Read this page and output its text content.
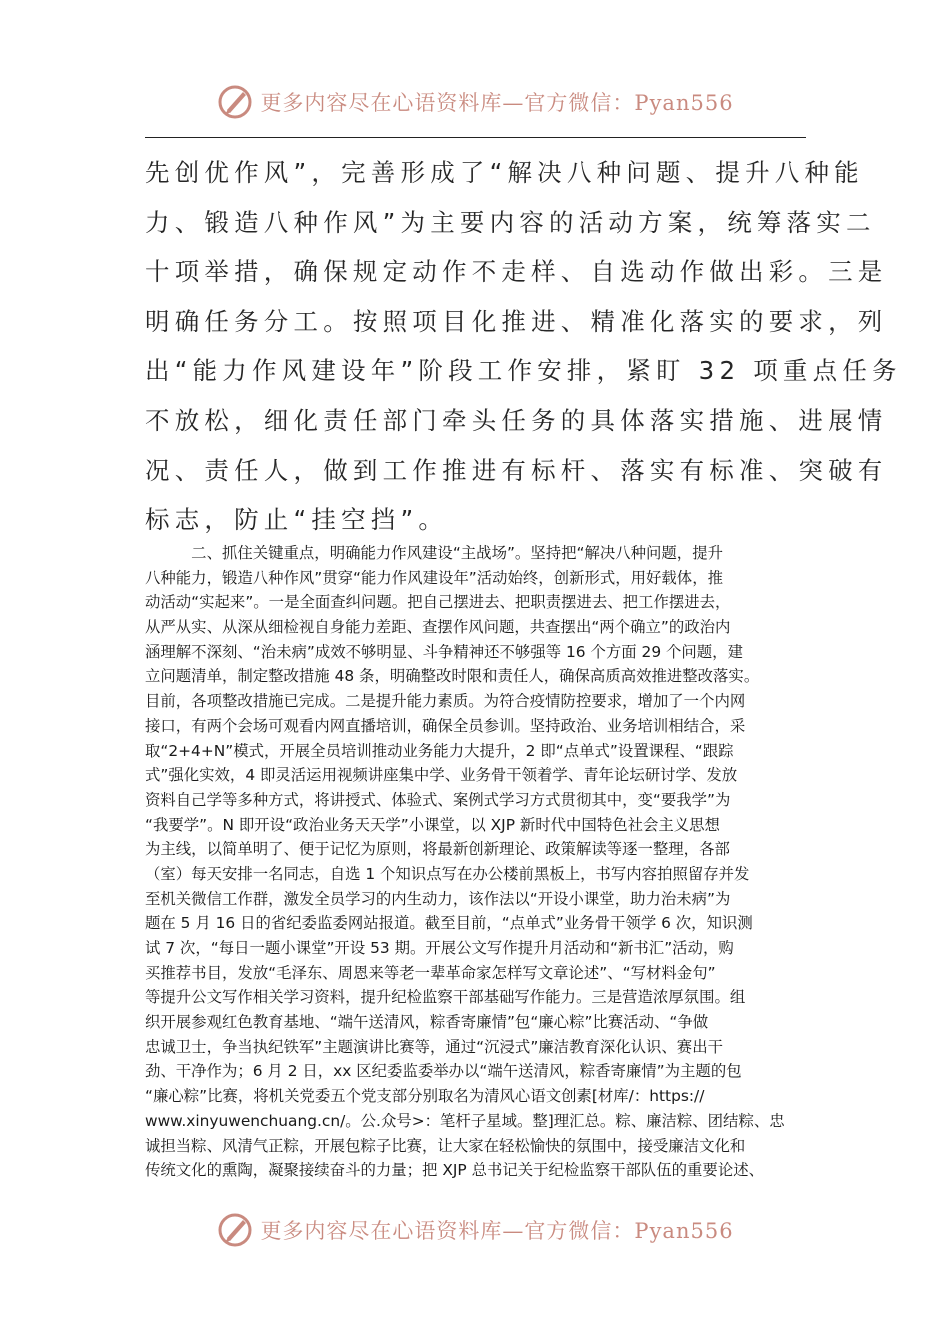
更多内容尽在心语资料库—官方微信：Pyan556
先创优作风”，完善形成了“解决八种问题、提升八种能
力、锻造八种作风”为主要内容的活动方案，统筹落实二
十项举措，确保规定动作不走样、自选动作做出彩。三是
明确任务分工。按照项目化推进、精准化落实的要求，列
出“能力作风建设年”阶段工作安排，紧盯 32 项重点任务
不放松，细化责任部门牵头任务的具体落实措施、进展情
况、责任人，做到工作推进有标杆、落实有标准、突破有
标志，防止“挂空挡”。
　　　二、抓住关键重点，明确能力作风建设“主战场”。坚持把“解决八种问题，提升
八种能力，锻造八种作风”贯穿“能力作风建设年”活动始终，创新形式，用好载体，推
动活动“实起来”。一是全面查纠问题。把自己摆进去、把职责摆进去、把工作摆进去，
从严从实、从深从细检视自身能力差距、查摆作风问题，共查摆出“两个确立”的政治内
涵理解不深刻、“治未病”成效不够明显、斗争精神还不够强等 16 个方面 29 个问题，建
立问题清单，制定整改措施 48 条，明确整改时限和责任人，确保高质高效推进整改落实。
目前，各项整改措施已完成。二是提升能力素质。为符合疫情防控要求，增加了一个内网
接口，有两个会场可观看内网直播培训，确保全员参训。坚持政治、业务培训相结合，采
取“2+4+N”模式，开展全员培训推动业务能力大提升，2 即“点单式”设置课程、“跟踪
式”强化实效，4 即灵活运用视频讲座集中学、业务骨干领着学、青年论坛研讨学、发放
资料自己学等多种方式，将讲授式、体验式、案例式学习方式贯彻其中，变“要我学”为
“我要学”。N 即开设“政治业务天天学”小课堂，以 XJP 新时代中国特色社会主义思想
为主线，以简单明了、便于记忆为原则，将最新创新理论、政策解读等逐一整理，各部
（室）每天安排一名同志，自选 1 个知识点写在办公楼前黑板上，书写内容拍照留存并发
至机关微信工作群，激发全员学习的内生动力，该作法以“开设小课堂，助力治未病”为
题在 5 月 16 日的省纪委监委网站报道。截至目前，“点单式”业务骨干领学 6 次，知识测
试 7 次，“每日一题小课堂”开设 53 期。开展公文写作提升月活动和“新书汇”活动，购
买推荐书目，发放“毛泽东、周恩来等老一辈革命家怎样写文章论述”、“写材料金句”
等提升公文写作相关学习资料，提升纪检监察干部基础写作能力。三是营造浓厚氛围。组
织开展参观红色教育基地、“端午送清风，粽香寄廉情”包“廉心粽”比赛活动、“争做
忠诚卫士，争当执纪铁军”主题演讲比赛等，通过“沉浸式”廉洁教育深化认识、赛出干
劲、干净作为；6 月 2 日，xx 区纪委监委举办以“端午送清风，粽香寄廉情”为主题的包
“廉心粽”比赛，将机关党委五个党支部分别取名为清风心语文创素[材库/：https://
www.xinyuwenchuang.cn/。公.众号>：笔杆子星域。整]理汇总。粽、廉洁粽、团结粽、忠
诚担当粽、风清气正粽，开展包粽子比赛，让大家在轻松愉快的氛围中，接受廉洁文化和
传统文化的熏陶，凝聚接续奋斗的力量；把 XJP 总书记关于纪检监察干部队伍的重要论述、
更多内容尽在心语资料库—官方微信：Pyan556
